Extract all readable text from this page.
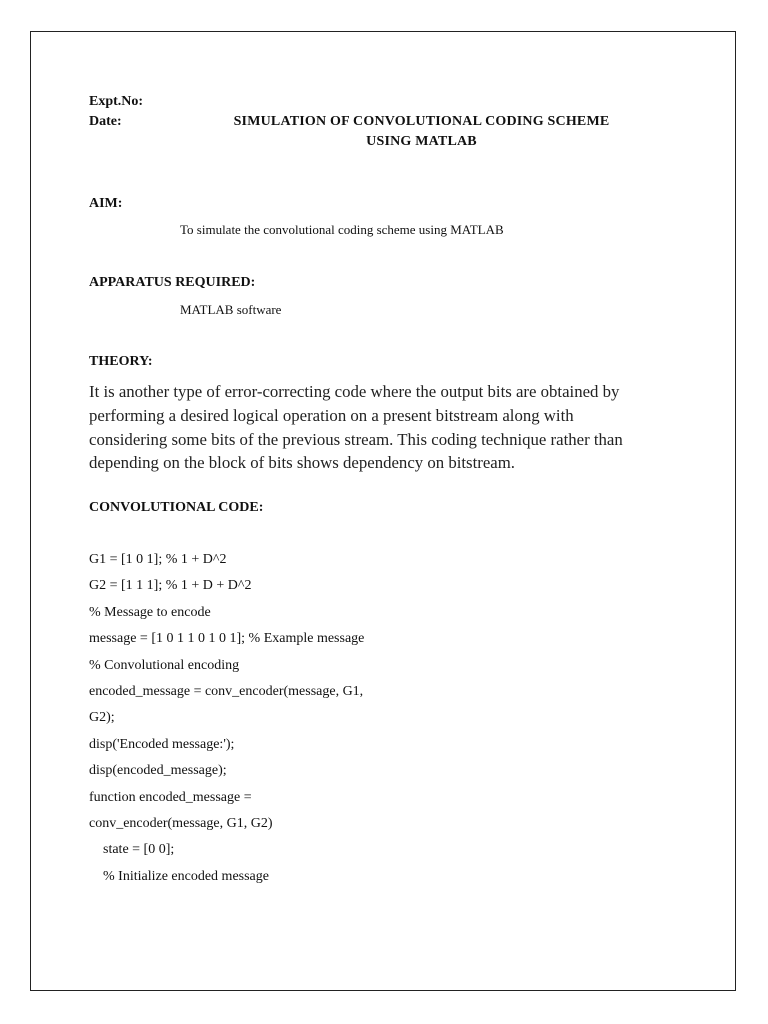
Expt.No:
Date:	SIMULATION OF CONVOLUTIONAL CODING SCHEME
USING MATLAB
AIM:
To simulate the convolutional coding scheme using MATLAB
APPARATUS REQUIRED:
MATLAB software
THEORY:
It is another type of error-correcting code where the output bits are obtained by
performing a desired logical operation on a present bitstream along with
considering some bits of the previous stream. This coding technique rather than
depending on the block of bits shows dependency on bitstream.
CONVOLUTIONAL CODE:
G1 = [1 0 1]; % 1 + D^2
G2 = [1 1 1]; % 1 + D + D^2
% Message to encode
message = [1 0 1 1 0 1 0 1]; % Example message
% Convolutional encoding
encoded_message = conv_encoder(message, G1,
G2);
disp('Encoded message:');
disp(encoded_message);
function encoded_message =
conv_encoder(message, G1, G2)
state = [0 0];
% Initialize encoded message
